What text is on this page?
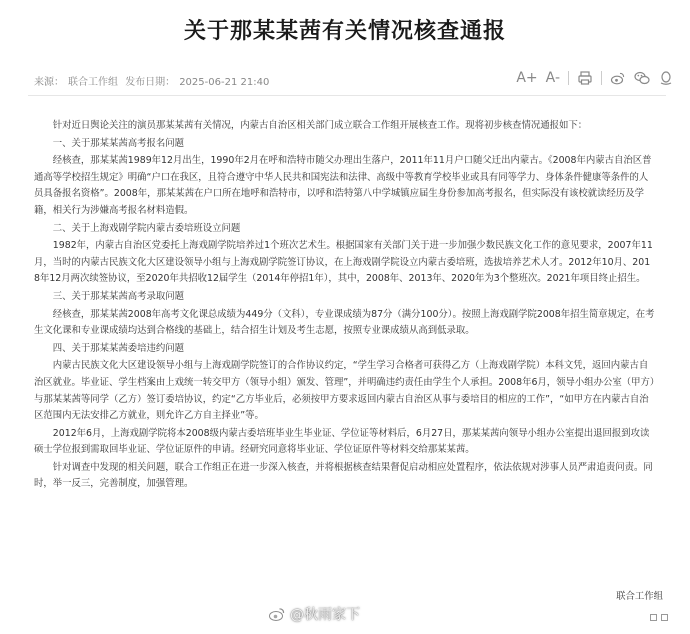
关于那某某茜有关情况核查通报
来源： 联合工作组 发布日期： 2025-06-21 21:40	A+ A-

针对近日舆论关注的演员那某某茜有关情况，内蒙古自治区相关部门成立联合工作组开展核查工作。现将初步核查情况通报如下：

一、关于那某某茜高考报名问题

经核查，那某某茜1989年12月出生，1990年2月在呼和浩特市随父办理出生落户，2011年11月户口随父迁出内蒙古。《2008年内蒙古自治区普通高等学校招生规定》明确“户口在我区，且符合遵守中华人民共和国宪法和法律、高级中等教育学校毕业或具有同等学力、身体条件健康等条件的人员具备报名资格”。2008年，那某某茜在户口所在地呼和浩特市，以呼和浩特第八中学城镇应届生身份参加高考报名，但实际没有该校就读经历及学籍，相关行为涉嫌高考报名材料造假。

二、关于上海戏剧学院内蒙古委培班设立问题

1982年，内蒙古自治区党委托上海戏剧学院培养过1个班次艺术生。根据国家有关部门关于进一步加强少数民族文化工作的意见要求，2007年11月，当时的内蒙古民族文化大区建设领导小组与上海戏剧学院签订协议，在上海戏剧学院设立内蒙古委培班，选拔培养艺术人才。2012年10月、2018年12月两次续签协议，至2020年共招收12届学生（2014年停招1年），其中，2008年、2013年、2020年为3个整班次。2021年项目终止招生。

三、关于那某某茜高考录取问题

经核查，那某某茜2008年高考文化课总成绩为449分（文科），专业课成绩为87分（满分100分）。按照上海戏剧学院2008年招生简章规定，在考生文化课和专业课成绩均达到合格线的基础上，结合招生计划及考生志愿，按照专业课成绩从高到低录取。

四、关于那某某茜委培违约问题

内蒙古民族文化大区建设领导小组与上海戏剧学院签订的合作协议约定，“学生学习合格者可获得乙方（上海戏剧学院）本科文凭，返回内蒙古自治区就业。毕业证、学生档案由上戏统一转交甲方（领导小组）颁发、管理”，并明确违约责任由学生个人承担。2008年6月，领导小组办公室（甲方）与那某某茜等同学（乙方）签订委培协议，约定“乙方毕业后，必须按甲方要求返回内蒙古自治区从事与委培目的相应的工作”，“如甲方在内蒙古自治区范围内无法安排乙方就业，则允许乙方自主择业”等。

2012年6月，上海戏剧学院将本2008级内蒙古委培班毕业生毕业证、学位证等材料后，6月27日，那某某茜向领导小组办公室提出退回报到攻读硕士学位报到需取回毕业证、学位证原件的申请。经研究同意将毕业证、学位证原件等材料交给那某某茜。

针对调查中发现的相关问题，联合工作组正在进一步深入核查，并将根据核查结果督促启动相应处置程序，依法依规对涉事人员严肃追责问责。同时，举一反三，完善制度，加强管理。

联合工作组
@秋雨家下
